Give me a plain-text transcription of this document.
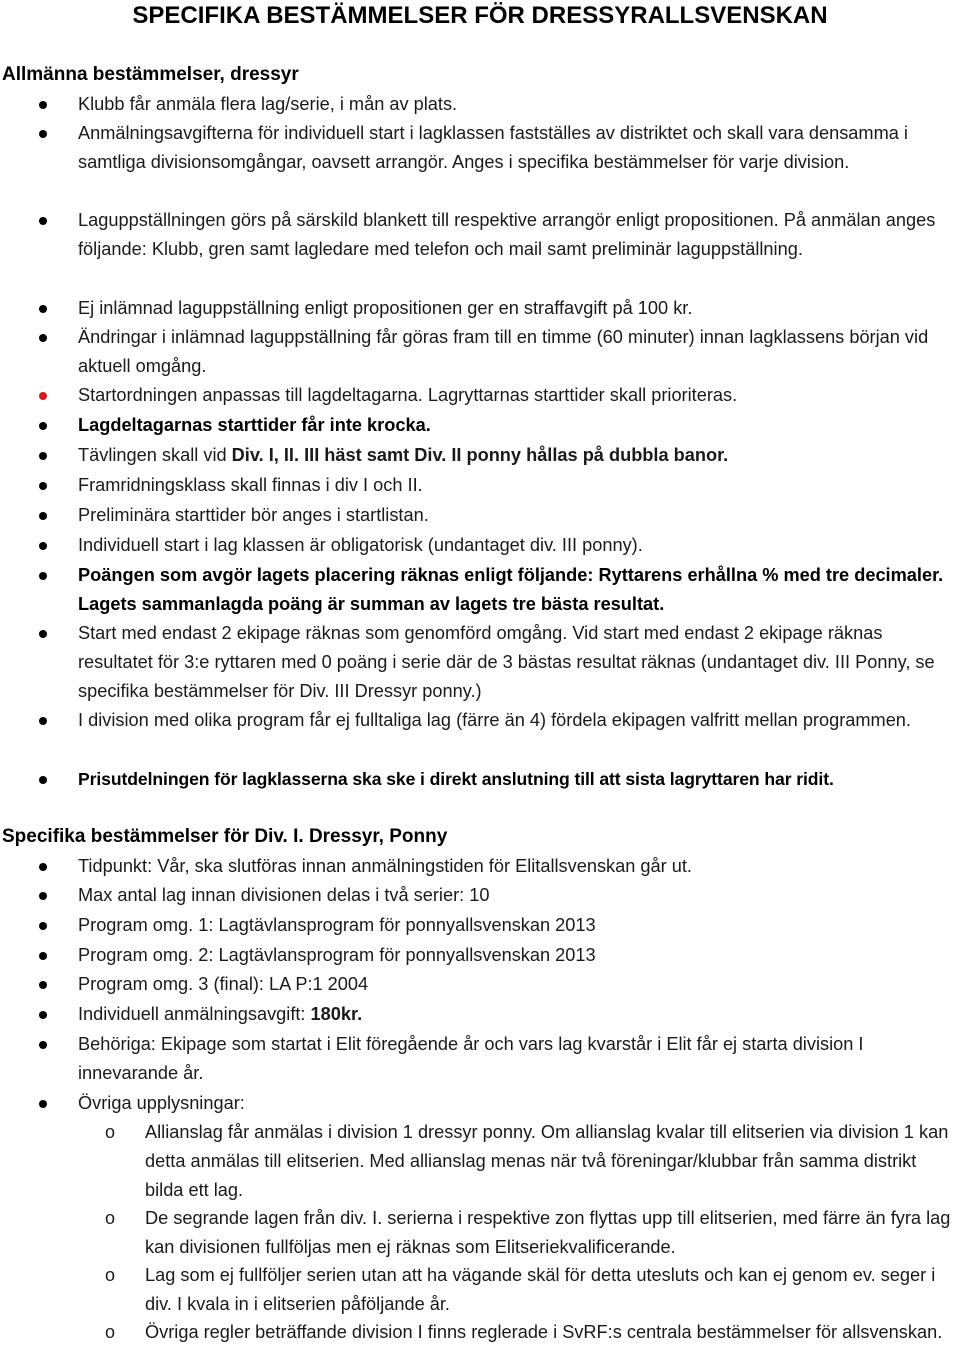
SPECIFIKA BESTÄMMELSER FÖR DRESSYRALLSVENSKAN
Allmänna bestämmelser, dressyr
Klubb får anmäla flera lag/serie, i mån av plats.
Anmälningsavgifterna för individuell start i lagklassen fastställes av distriktet och skall vara densamma i samtliga divisionsomgångar, oavsett arrangör. Anges i specifika bestämmelser för varje division.
Laguppställningen görs på särskild blankett till respektive arrangör enligt propositionen. På anmälan anges följande: Klubb, gren samt lagledare med telefon och mail samt preliminär laguppställning.
Ej inlämnad laguppställning enligt propositionen ger en straffavgift på 100 kr.
Ändringar i inlämnad laguppställning får göras fram till en timme (60 minuter) innan lagklassens början vid aktuell omgång.
Startordningen anpassas till lagdeltagarna. Lagryttarnas starttider skall prioriteras.
Lagdeltagarnas starttider får inte krocka.
Tävlingen skall vid Div. I, II. III häst samt Div. II ponny hållas på dubbla banor.
Framridningsklass skall finnas i div I och II.
Preliminära starttider bör anges i startlistan.
Individuell start i lag klassen är obligatorisk (undantaget div. III ponny).
Poängen som avgör lagets placering räknas enligt följande: Ryttarens erhållna % med tre decimaler. Lagets sammanlagda poäng är summan av lagets tre bästa resultat.
Start med endast 2 ekipage räknas som genomförd omgång. Vid start med endast 2 ekipage räknas resultatet för 3:e ryttaren med 0 poäng i serie där de 3 bästas resultat räknas (undantaget div. III Ponny, se specifika bestämmelser för Div. III Dressyr ponny.)
I division med olika program får ej fulltaliga lag (färre än 4) fördela ekipagen valfritt mellan programmen.
Prisutdelningen för lagklasserna ska ske i direkt anslutning till att sista lagryttaren har ridit.
Specifika bestämmelser för Div. I. Dressyr, Ponny
Tidpunkt: Vår, ska slutföras innan anmälningstiden för Elitallsvenskan går ut.
Max antal lag innan divisionen delas i två serier: 10
Program omg. 1: Lagtävlansprogram för ponnyallsvenskan 2013
Program omg. 2: Lagtävlansprogram för ponnyallsvenskan 2013
Program omg. 3 (final): LA P:1 2004
Individuell anmälningsavgift: 180kr.
Behöriga: Ekipage som startat i Elit föregående år och vars lag kvarstår i Elit får ej starta division I innevarande år.
Övriga upplysningar:
o Allianslag får anmälas i division 1 dressyr ponny. Om allianslag kvalar till elitserien via division 1 kan detta anmälas till elitserien. Med allianslag menas när två föreningar/klubbar från samma distrikt bilda ett lag.
o De segrande lagen från div. I. serierna i respektive zon flyttas upp till elitserien, med färre än fyra lag kan divisionen fullföljas men ej räknas som Elitseriekvalificerande.
o Lag som ej fullföljer serien utan att ha vägande skäl för detta utesluts och kan ej genom ev. seger i div. I kvala in i elitserien påföljande år.
o Övriga regler beträffande division I finns reglerade i SvRF:s centrala bestämmelser för allsvenskan.
